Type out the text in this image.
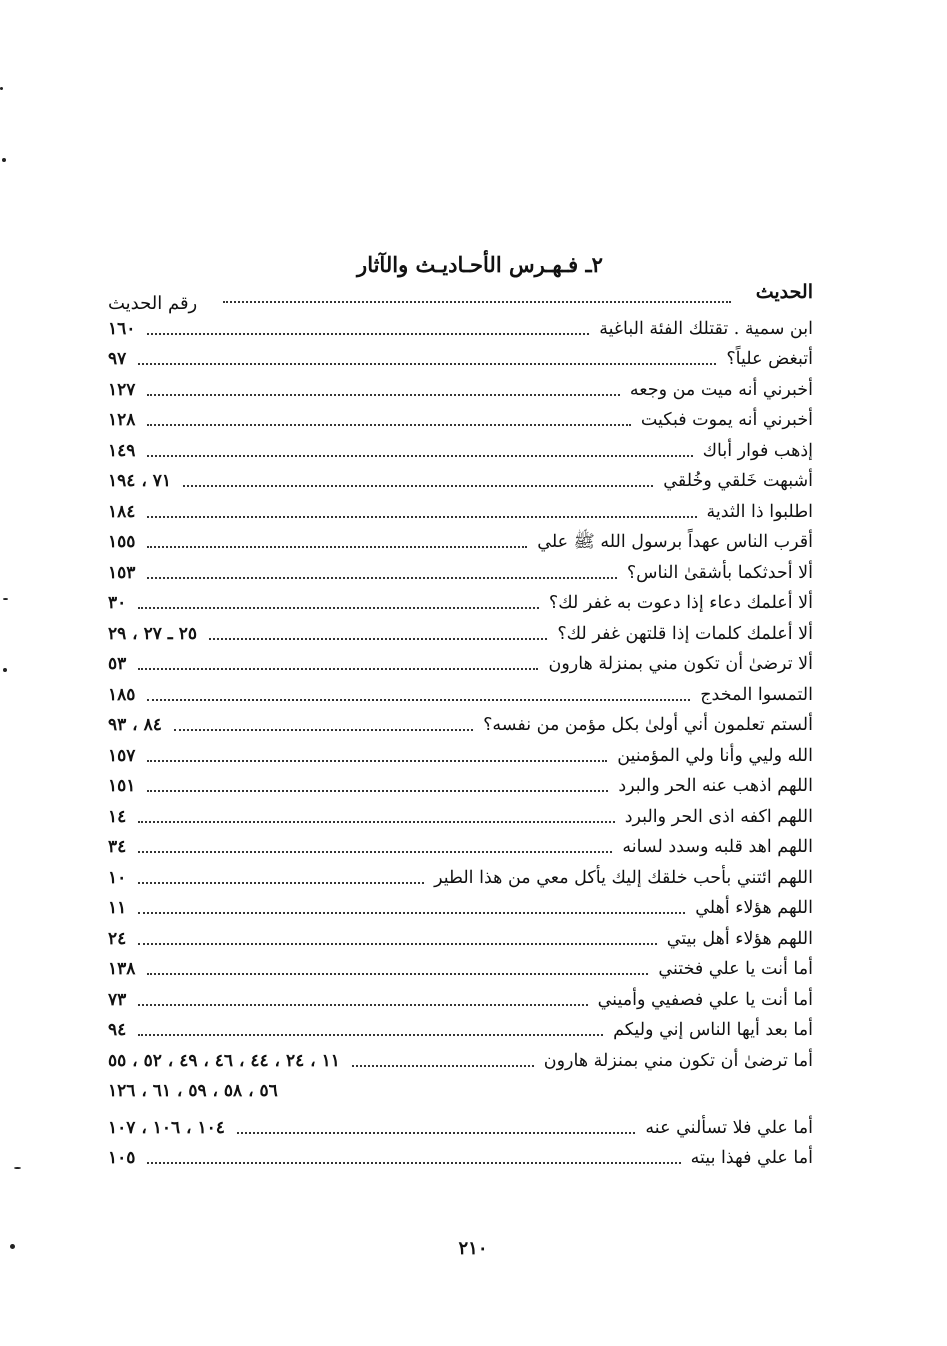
٢ـ فـهـرس الأحـاديـث والآثار
الحديث
رقم الحديث
ابن سمية . تقتلك الفئة الباغية
١٦٠
أتبغض علياً؟
٩٧
أخبرني أنه ميت من وجعه
١٢٧
أخبرني أنه يموت فبكيت
١٢٨
إذهب فوار أباك
١٤٩
أشبهت خَلقي وخُلقي
٧١ ، ١٩٤
اطلبوا ذا الثدية
١٨٤
أقرب الناس عهداً برسول الله ﷺ علي
١٥٥
ألا أحدثكما بأشقىٰ الناس؟
١٥٣
ألا أعلمك دعاء إذا دعوت به غفر لك؟
٣٠
ألا أعلمك كلمات إذا قلتهن غفر لك؟
٢٥ ـ ٢٧ ، ٢٩
ألا ترضىٰ أن تكون مني بمنزلة هارون
٥٣
التمسوا المخدج
١٨٥
ألستم تعلمون أني أولىٰ بكل مؤمن من نفسه؟
٨٤ ، ٩٣
الله وليي وأنا ولي المؤمنين
١٥٧
اللهم اذهب عنه الحر والبرد
١٥١
اللهم اكفه اذى الحر والبرد
١٤
اللهم اهد قلبه وسدد لسانه
٣٤
اللهم ائتني بأحب خلقك إليك يأكل معي من هذا الطير
١٠
اللهم هؤلاء أهلي
١١
اللهم هؤلاء أهل بيتي
٢٤
أما أنت يا علي فختني
١٣٨
أما أنت يا علي فصفيي وأميني
٧٣
أما بعد أيها الناس إني وليكم
٩٤
أما ترضىٰ أن تكون مني بمنزلة هارون
١١ ، ٢٤ ، ٤٤ ، ٤٦ ، ٤٩ ، ٥٢ ، ٥٥
٥٦ ، ٥٨ ، ٥٩ ، ٦١ ، ١٢٦
أما علي فلا تسألني عنه
١٠٤ ، ١٠٦ ، ١٠٧
أما علي فهذا بيته
١٠٥
٢١٠
